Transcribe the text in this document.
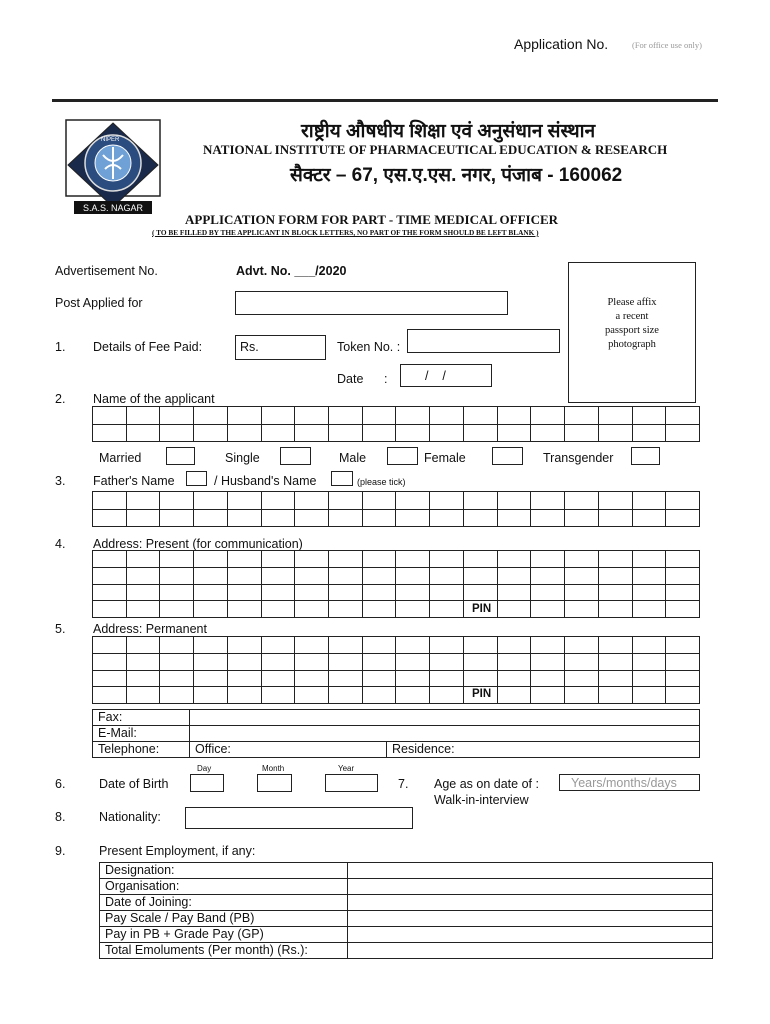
Application No.	(For office use only)
NIPER
S.A.S. NAGAR
राष्ट्रीय औषधीय शिक्षा एवं अनुसंधान संस्थान
NATIONAL INSTITUTE OF PHARMACEUTICAL EDUCATION & RESEARCH
सैक्टर – 67, एस.ए.एस. नगर, पंजाब - 160062
APPLICATION FORM FOR PART - TIME MEDICAL OFFICER
( TO BE FILLED BY THE APPLICANT IN BLOCK LETTERS, NO PART OF THE FORM SHOULD BE LEFT BLANK )
Please affix
a recent
passport size
photograph
Advertisement No.	Advt. No. ___/2020
Post Applied for
1. Details of Fee Paid:	Rs.	Token No. :
Date :	/    /
2. Name of the applicant

Married	Single	Male	Female	Transgender
3. Father's Name	/ Husband's Name	(please tick)

4. Address: Present (for communication)

PIN
5. Address: Permanent

PIN
Fax:		
E-Mail:		
Telephone:	Office:	Residence:
Day	Month	Year
6.	Date of Birth	7. Age as on date of :	Years/months/days
Walk-in-interview
8.	Nationality:
9.	Present Employment, if any:
Designation:	
Organisation:	
Date of Joining:	
Pay Scale / Pay Band (PB)	
Pay in PB + Grade Pay (GP)	
Total Emoluments (Per month) (Rs.):	
